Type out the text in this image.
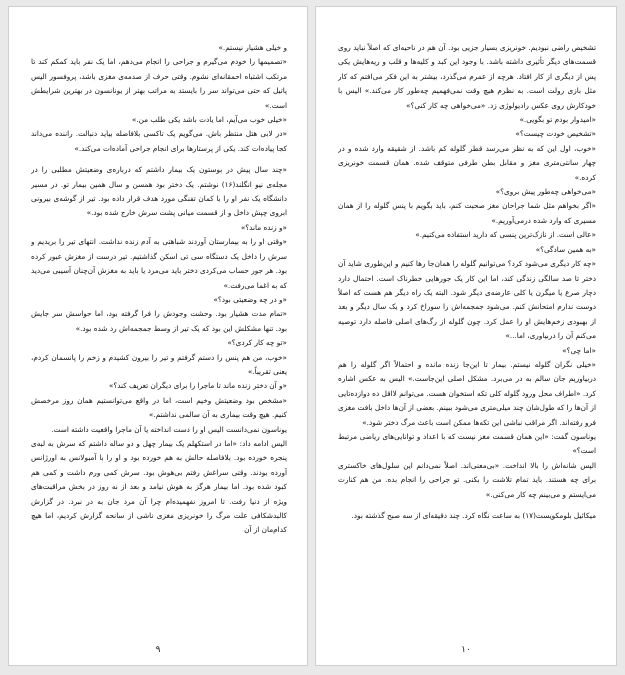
و خیلی هشیار نیستم.»

«تصمیمها را خودم می‌گیرم و جراحی را انجام می‌دهم، اما یک نفر باید کمکم کند تا مرتکب اشتباه احمقانه‌ای نشوم. وقتی حرف از صدمه‌ی مغزی باشد، پروفسور الیس پاتیل که حتی می‌تواند سر را بایستد به مراتب بهتر از یونانسون در بهترین شرایطش است.»

«خیلی خوب می‌آیم، اما یادت باشد یکی طلب من.»

«در لابی هتل منتظر باش. می‌گویم یک تاکسی بلافاصله بیاید دنبالت. راننده می‌داند کجا پیاده‌ات کند. یکی از پرستارها برای انجام جراحی آماده‌ات می‌کند.»

«چند سال پیش در بوستون یک بیمار داشتم که درباره‌ی وضعیتش مطلبی را در مجله‌ی نیو انگلند(۱۶) نوشتم. یک دختر بود همسن و سال همین بیمار تو. در مسیر دانشگاه یک نفر او را با کمان تفنگی مورد هدف قرار داده بود. تیر از گوشه‌ی بیرونی ابروی چپش داخل و از قسمت میانی پشت سرش خارج شده بود.»

«و زنده ماند؟»

«وقتی او را به بیمارستان آوردند شباهتی به آدم زنده نداشت. انتهای تیر را بریدیم و سرش را داخل یک دستگاه سی تی اسکن گذاشتیم. تیر درست از مغزش عبور کرده بود. هر جور حساب می‌کردی دختر باید می‌مرد یا باید به مغزش آن‌چنان آسیبی می‌دید که به اغما می‌رفت.»

«و در چه وضعیتی بود؟»

«تمام مدت هشیار بود. وحشت وجودش را فرا گرفته بود، اما حواسش سر جایش بود. تنها مشکلش این بود که یک تیر از وسط جمجمه‌اش رد شده بود.»

«تو چه کار کردی؟»

«خوب، من هم پنس را دستم گرفتم و تیر را بیرون کشیدم و زخم را پانسمان کردم، یعنی تقریباً.»

«و آن دختر زنده ماند تا ماجرا را برای دیگران تعریف کند؟»

«مشخص بود وضعیتش وخیم است، اما در واقع می‌توانستیم همان روز مرخصش کنیم. هیچ وقت بیماری به آن سالمی نداشتم.»

یوناسون نمی‌دانست الیس او را دست انداخته یا آن ماجرا واقعیت داشته است.

الیس ادامه داد: «اما در استکهلم یک بیمار چهل و دو ساله داشتم که سرش به لبه‌ی پنجره خورده بود. بلافاصله حالش به هم خورده بود و او را با آمبولانس به اورژانس آورده بودند. وقتی سراغش رفتم بی‌هوش بود. سرش کمی ورم داشت و کمی هم کبود شده بود. اما بیمار هرگز به هوش نیامد و بعد از نه روز در بخش مراقبت‌های ویژه از دنیا رفت. تا امروز نفهمیده‌ام چرا آن مرد جان به در نبرد. در گزارش کالبدشکافی علت مرگ را خونریزی مغزی ناشی از سانحه گزارش کردیم، اما هیچ کدام‌مان از آن

۹

تشخیص راضی نبودیم. خونریزی بسیار جزیی بود. آن هم در ناحیه‌ای که اصلاً نباید روی قسمت‌های دیگر تأثیری داشته باشد. با وجود این کبد و کلیه‌ها و قلب و ریه‌هایش یکی پس از دیگری از کار افتاد. هرچه از عمرم می‌گذرد، بیشتر به این فکر می‌افتم که کار مثل بازی رولت است. به نظرم هیچ وقت نمی‌فهمیم چه‌طور کار می‌کند.» الیس با خودکارش روی عکس رادیولوژی زد. «می‌خواهی چه کار کنی؟»

«امیدوار بودم تو بگویی.»

«تشخیص خودت چیست؟»

«خوب، اول این که به نظر می‌رسد قطر گلوله کم باشد. از شقیقه وارد شده و در چهار سانتی‌متری مغز و مقابل بطن طرفی متوقف شده. همان قسمت خونریزی کرده.»

«می‌خواهی چه‌طور پیش بروی؟»

«اگر بخواهم مثل شما جراحان مغز صحبت کنم، باید بگویم با پنس گلوله را از همان مسیری که وارد شده درمی‌آوریم.»

«عالی است. از نازک‌ترین پنسی که دارید استفاده می‌کنیم.»

«به همین سادگی؟»

«چه کار دیگری می‌شود کرد؟ می‌توانیم گلوله را همان‌جا رها کنیم و این‌طوری شاید آن دختر تا صد سالگی زندگی کند، اما این کار یک جورهایی خطرناک است. احتمال دارد دچار صرع یا میگرن یا کلی عارضه‌ی دیگر شود. البته یک راه دیگر هم هست که اصلاً دوست ندارم امتحانش کنم. می‌شود جمجمه‌اش را سوراخ کرد و یک سال دیگر و بعد از بهبودی زخم‌هایش او را عمل کرد. چون گلوله از رگ‌های اصلی فاصله دارد توصیه می‌کنم آن را دربیاوری، اما...»

«اما چی؟»

«خیلی نگران گلوله نیستم. بیمار تا این‌جا زنده مانده و احتمالاً اگر گلوله را هم دربیاوریم جان سالم به در می‌برد. مشکل اصلی این‌جاست.» الیس به عکس اشاره کرد. «اطراف محل ورود گلوله کلی تکه استخوان هست. می‌توانم لااقل ده دوازده‌تایی از آن‌ها را که طول‌شان چند میلی‌متری می‌شود ببینم. بعضی از آن‌ها داخل بافت مغزی فرو رفته‌اند. اگر مراقب نباشی این تکه‌ها ممکن است باعث مرگ دختر شود.»

یوناسون گفت: «این همان قسمت مغز نیست که با اعداد و توانایی‌های ریاضی مرتبط است؟»

الیس شانه‌اش را بالا انداخت. «بی‌معنی‌اند. اصلاً نمی‌دانم این سلول‌های خاکستری برای چه هستند. باید تمام تلاشت را بکنی. تو جراحی را انجام بده. من هم کنارت می‌ایستم و می‌بینم چه کار می‌کنی.»

میکائیل بلومکویست(۱۷) به ساعت نگاه کرد. چند دقیقه‌ای از سه صبح گذشته بود.

۱۰
